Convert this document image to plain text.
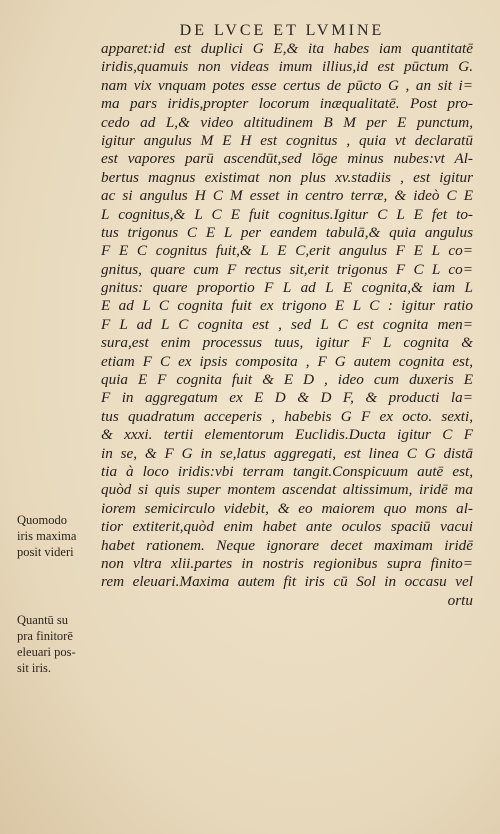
DE LVCE ET LVMINE
apparet:id est duplici G E,& ita habes iam quantitatē
iridis,quamuis non videas imum illius,id est pūctum G.
nam vix vnquam potes esse certus de pūcto G , an sit i=
ma pars iridis,propter locorum inæqualitatē. Post pro-
cedo ad L,& video altitudinem B M per E punctum,
igitur angulus M E H est cognitus , quia vt declaratū
est vapores parū ascendūt,sed lōge minus nubes:vt Al-
bertus magnus existimat non plus xv.stadiis , est igitur
ac si angulus H C M esset in centro terræ, & ideò C E
L cognitus,& L C E fuit cognitus.Igitur C L E fet to-
tus trigonus C E L per eandem tabulā,& quia angulus
F E C cognitus fuit,& L E C,erit angulus F E L co=
gnitus, quare cum F rectus sit,erit trigonus F C L co=
gnitus: quare proportio F L ad L E cognita,& iam L
E ad L C cognita fuit ex trigono E L C : igitur ratio
F L ad L C cognita est , sed L C est cognita men=
sura,est enim processus tuus, igitur F L cognita &
etiam F C ex ipsis composita , F G autem cognita est,
quia E F cognita fuit & E D , ideo cum duxeris E
F in aggregatum ex E D & D F, & producti la=
tus quadratum acceperis , habebis G F ex octo. sexti,
& xxxi. tertii elementorum Euclidis.Ducta igitur C F
in se, & F G in se,latus aggregati, est linea C G distā
tia à loco iridis:vbi terram tangit.Conspicuum autē est,
quòd si quis super montem ascendat altissimum, iridē ma
iorem semicirculo videbit, & eo maiorem quo mons al-
tior extiterit,quòd enim habet ante oculos spaciū vacui
habet rationem. Neque ignorare decet maximam iridē
non vltra xlii.partes in nostris regionibus supra finito=
rem eleuari.Maxima autem fit iris cū Sol in occasu vel
ortu
Quomodo
iris maxima
posit videri
Quantū su
pra finitorē
eleuari pos-
sit iris.
